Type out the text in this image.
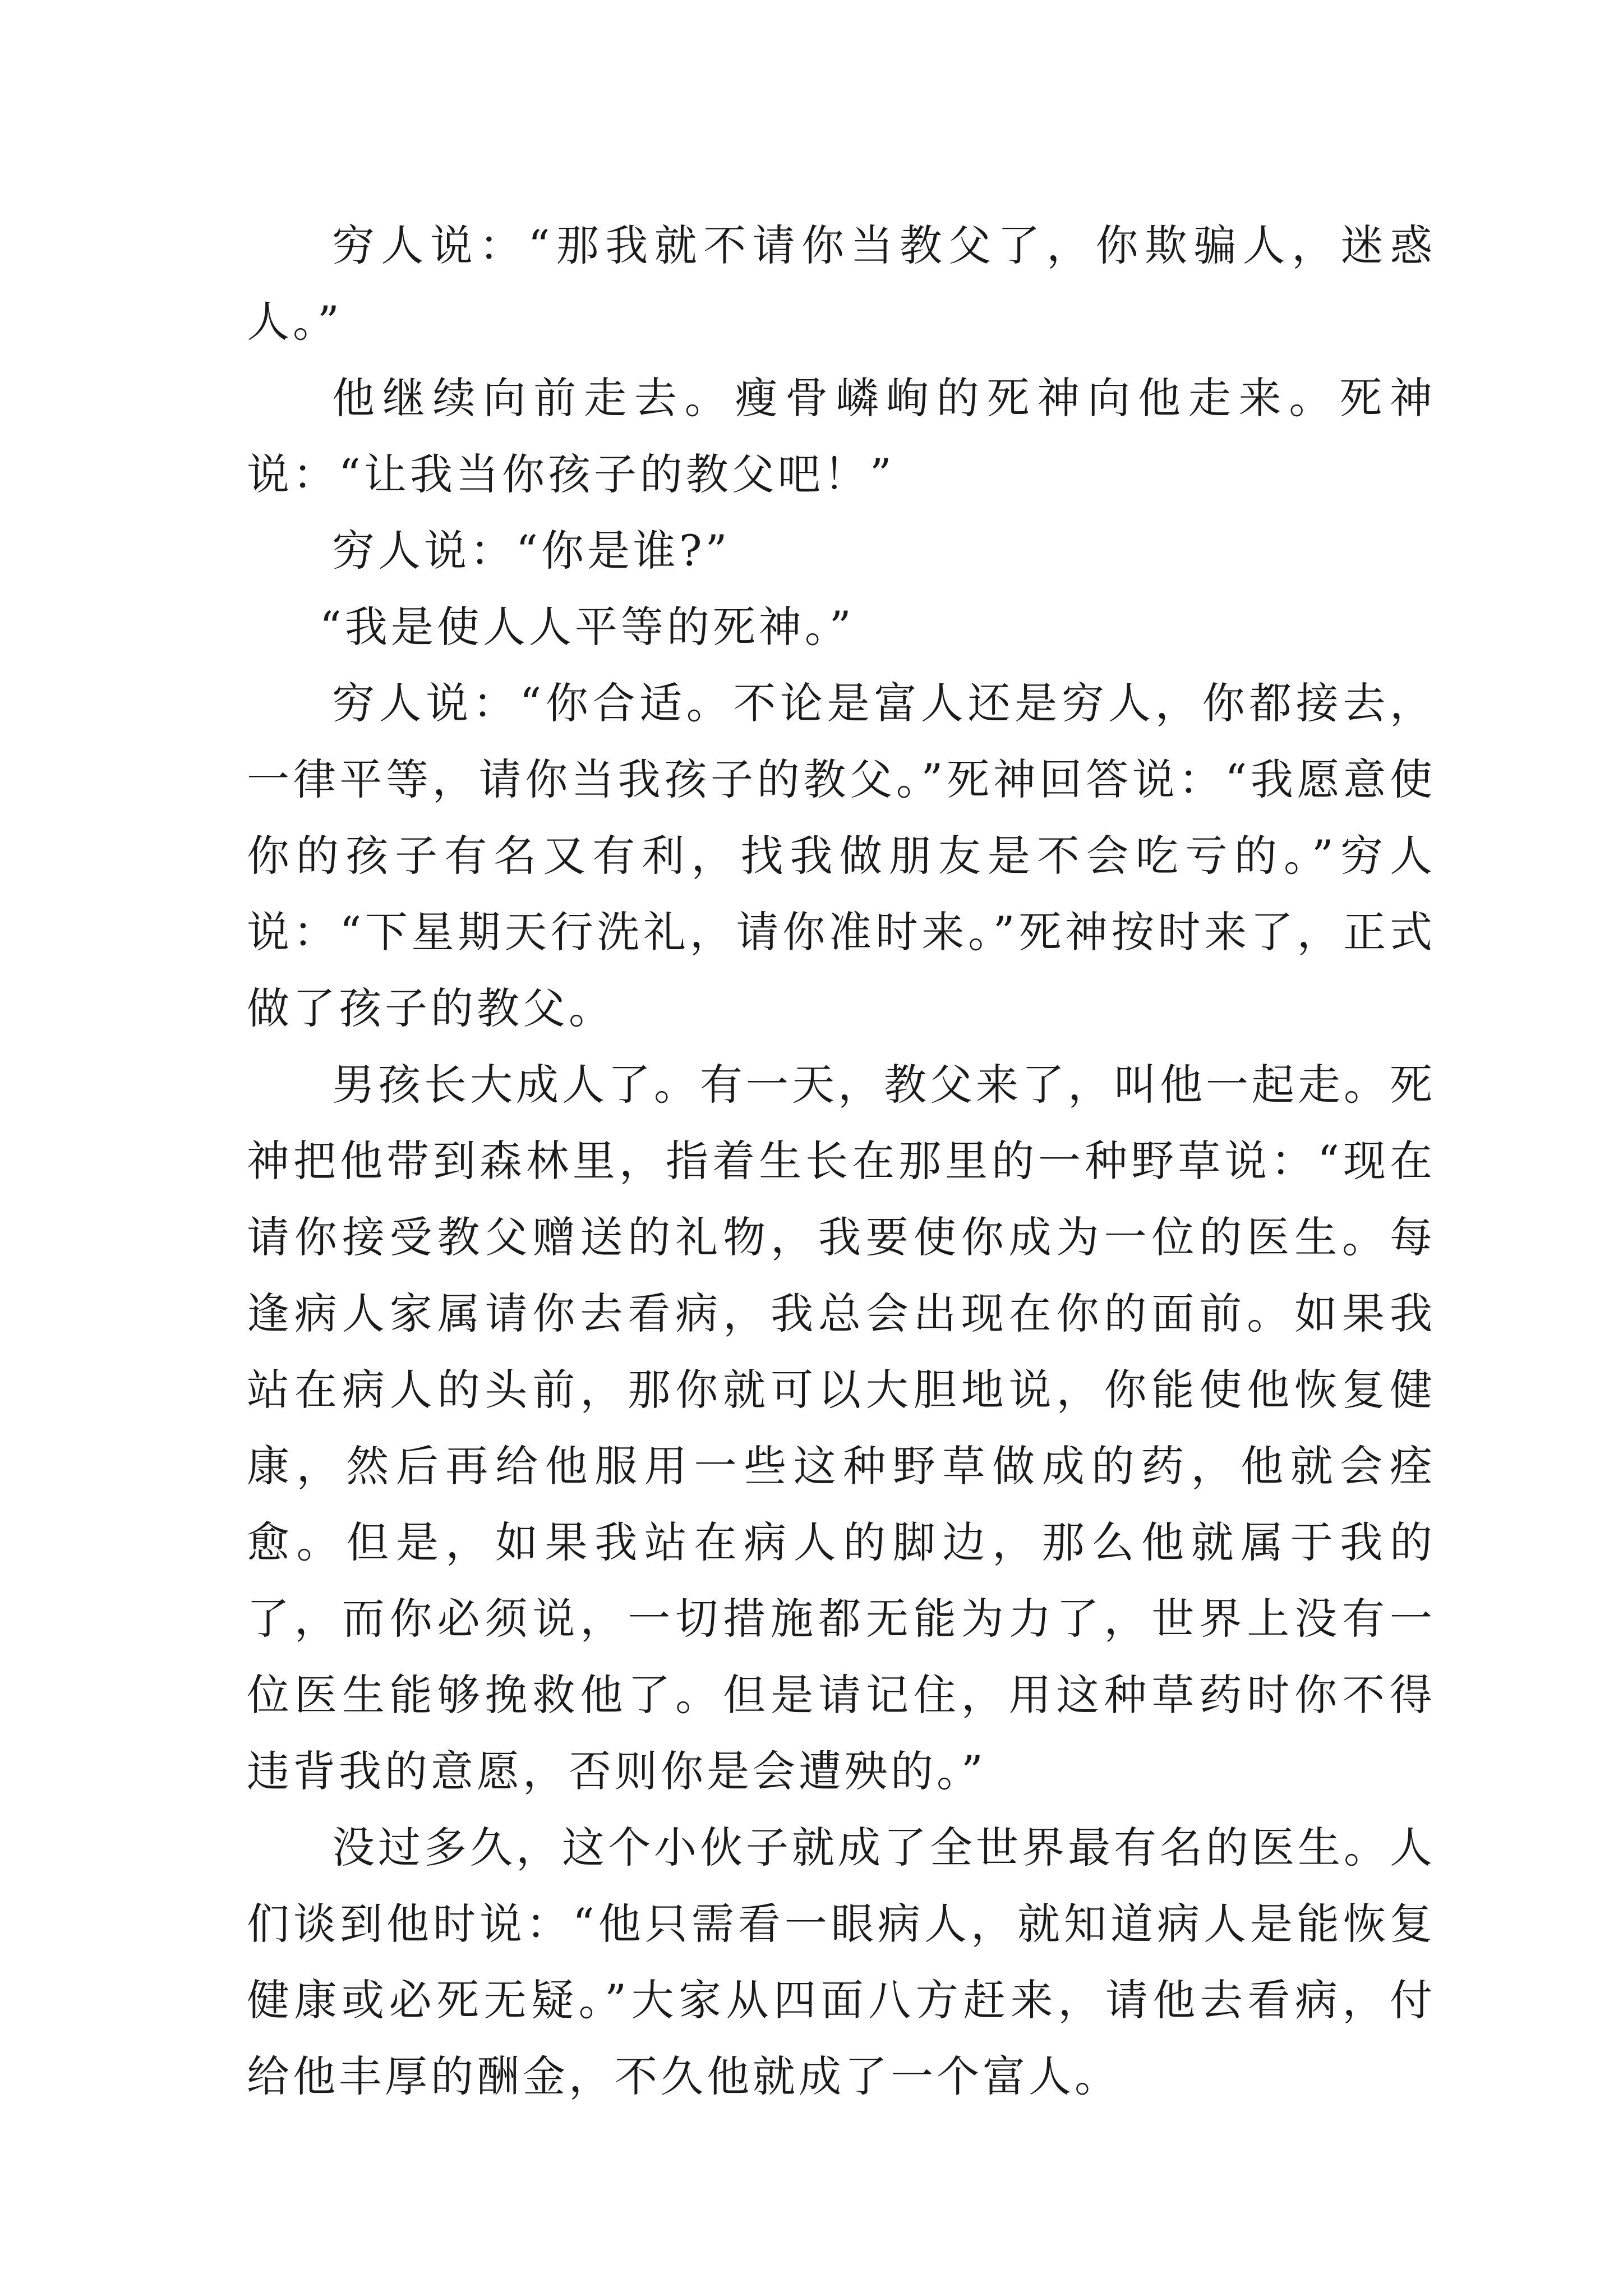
穷人说：“那我就不请你当教父了，你欺骗人，迷惑人。”

他继续向前走去。瘦骨嶙峋的死神向他走来。死神说：“让我当你孩子的教父吧！”

穷人说：“你是谁?”

“我是使人人平等的死神。”

穷人说：“你合适。不论是富人还是穷人，你都接去，一律平等，请你当我孩子的教父。”死神回答说：“我愿意使你的孩子有名又有利，找我做朋友是不会吃亏的。”穷人说：“下星期天行洗礼，请你准时来。”死神按时来了，正式做了孩子的教父。

男孩长大成人了。有一天，教父来了，叫他一起走。死神把他带到森林里，指着生长在那里的一种野草说：“现在请你接受教父赠送的礼物，我要使你成为一位的医生。每逢病人家属请你去看病，我总会出现在你的面前。如果我站在病人的头前，那你就可以大胆地说，你能使他恢复健康，然后再给他服用一些这种野草做成的药，他就会痊愈。但是，如果我站在病人的脚边，那么他就属于我的了，而你必须说，一切措施都无能为力了，世界上没有一位医生能够挽救他了。但是请记住，用这种草药时你不得违背我的意愿，否则你是会遭殃的。”

没过多久，这个小伙子就成了全世界最有名的医生。人们谈到他时说：“他只需看一眼病人，就知道病人是能恢复健康或必死无疑。”大家从四面八方赶来，请他去看病，付给他丰厚的酬金，不久他就成了一个富人。
